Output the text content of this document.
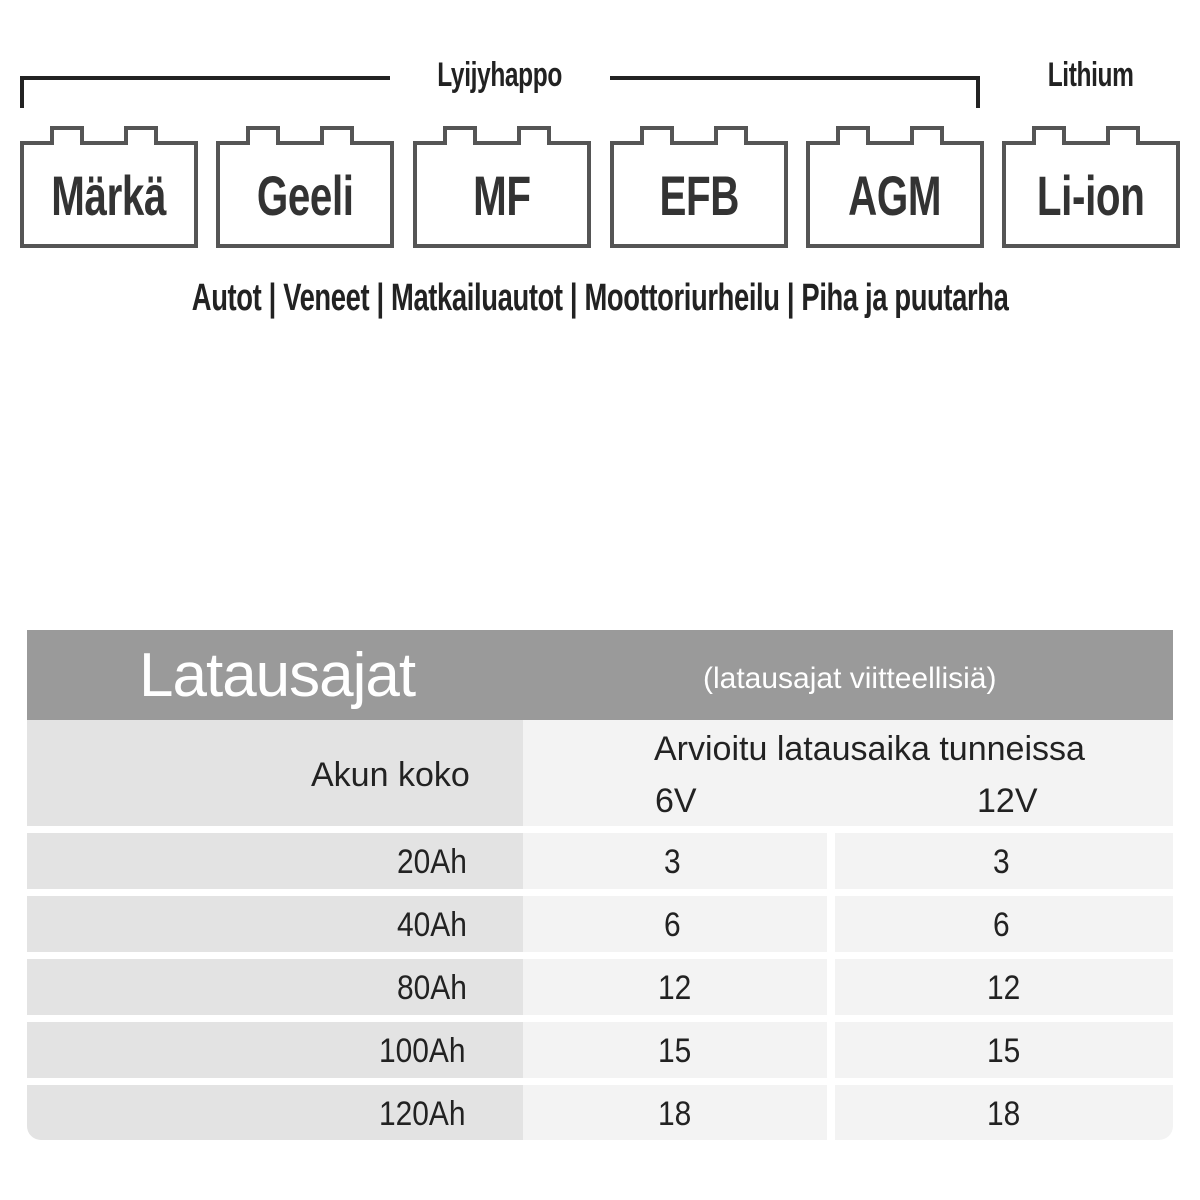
Lyijyhappo	Lithium
Märkä	Geeli	MF	EFB	AGM	Li-ion
Autot | Veneet | Matkailuautot | Moottoriurheilu | Piha ja puutarha
Latausajat	(latausajat viitteellisiä)
Akun koko
Arvioitu latausaika tunneissa
6V	12V
20Ah	3	3
40Ah	6	6
80Ah	12	12
100Ah	15	15
120Ah	18	18
